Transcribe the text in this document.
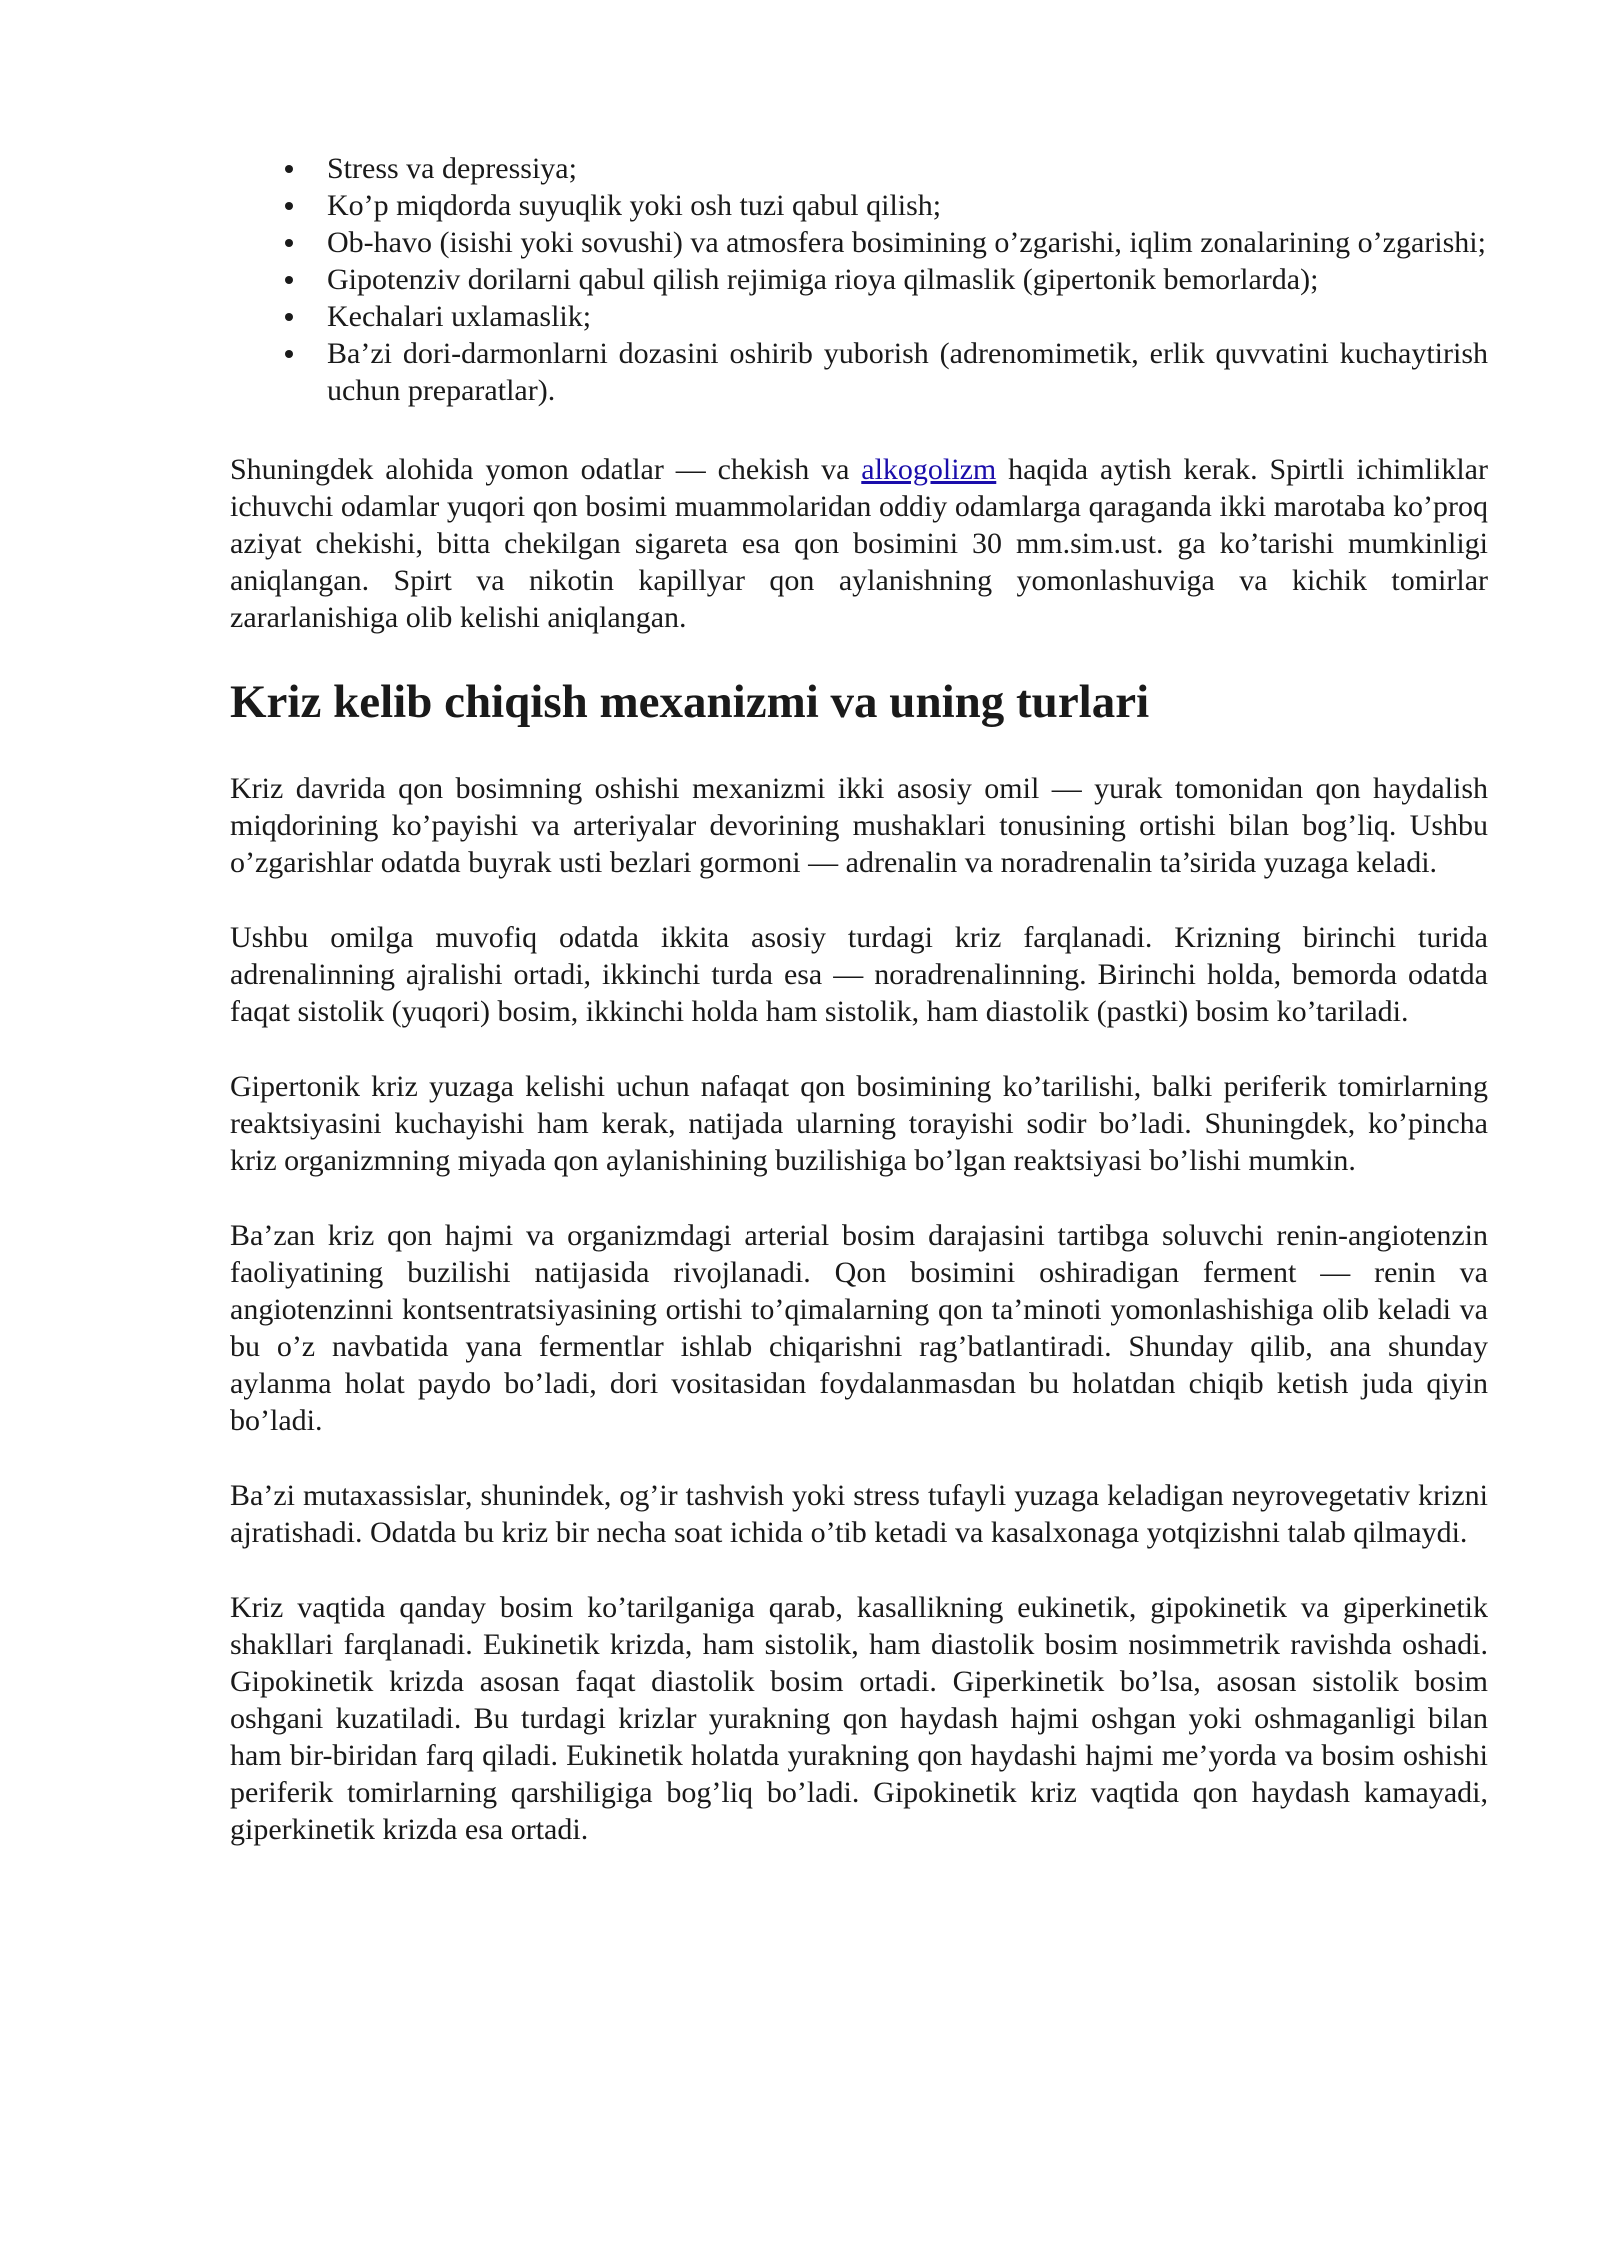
Stress va depressiya;
Ko’p miqdorda suyuqlik yoki osh tuzi qabul qilish;
Ob-havo (isishi yoki sovushi) va atmosfera bosimining o’zgarishi, iqlim zonalarining o’zgarishi;
Gipotenziv dorilarni qabul qilish rejimiga rioya qilmaslik (gipertonik bemorlarda);
Kechalari uxlamaslik;
Ba’zi dori-darmonlarni dozasini oshirib yuborish (adrenomimetik, erlik quvvatini kuchaytirish uchun preparatlar).

Shuningdek alohida yomon odatlar — chekish va alkogolizm haqida aytish kerak. Spirtli ichimliklar ichuvchi odamlar yuqori qon bosimi muammolaridan oddiy odamlarga qaraganda ikki marotaba ko’proq aziyat chekishi, bitta chekilgan sigareta esa qon bosimini 30 mm.sim.ust. ga ko’tarishi mumkinligi aniqlangan. Spirt va nikotin kapillyar qon aylanishning yomonlashuviga va kichik tomirlar zararlanishiga olib kelishi aniqlangan.

Kriz kelib chiqish mexanizmi va uning turlari

Kriz davrida qon bosimning oshishi mexanizmi ikki asosiy omil — yurak tomonidan qon haydalish miqdorining ko’payishi va arteriyalar devorining mushaklari tonusining ortishi bilan bog’liq. Ushbu o’zgarishlar odatda buyrak usti bezlari gormoni — adrenalin va noradrenalin ta’sirida yuzaga keladi.

Ushbu omilga muvofiq odatda ikkita asosiy turdagi kriz farqlanadi. Krizning birinchi turida adrenalinning ajralishi ortadi, ikkinchi turda esa — noradrenalinning. Birinchi holda, bemorda odatda faqat sistolik (yuqori) bosim, ikkinchi holda ham sistolik, ham diastolik (pastki) bosim ko’tariladi.

Gipertonik kriz yuzaga kelishi uchun nafaqat qon bosimining ko’tarilishi, balki periferik tomirlarning reaktsiyasini kuchayishi ham kerak, natijada ularning torayishi sodir bo’ladi. Shuningdek, ko’pincha kriz organizmning miyada qon aylanishining buzilishiga bo’lgan reaktsiyasi bo’lishi mumkin.

Ba’zan kriz qon hajmi va organizmdagi arterial bosim darajasini tartibga soluvchi renin-angiotenzin faoliyatining buzilishi natijasida rivojlanadi. Qon bosimini oshiradigan ferment — renin va angiotenzinni kontsentratsiyasining ortishi to’qimalarning qon ta’minoti yomonlashishiga olib keladi va bu o’z navbatida yana fermentlar ishlab chiqarishni rag’batlantiradi. Shunday qilib, ana shunday aylanma holat paydo bo’ladi, dori vositasidan foydalanmasdan bu holatdan chiqib ketish juda qiyin bo’ladi.

Ba’zi mutaxassislar, shunindek, og’ir tashvish yoki stress tufayli yuzaga keladigan neyrovegetativ krizni ajratishadi. Odatda bu kriz bir necha soat ichida o’tib ketadi va kasalxonaga yotqizishni talab qilmaydi.

Kriz vaqtida qanday bosim ko’tarilganiga qarab, kasallikning eukinetik, gipokinetik va giperkinetik shakllari farqlanadi. Eukinetik krizda, ham sistolik, ham diastolik bosim nosimmetrik ravishda oshadi. Gipokinetik krizda asosan faqat diastolik bosim ortadi. Giperkinetik bo’lsa, asosan sistolik bosim oshgani kuzatiladi. Bu turdagi krizlar yurakning qon haydash hajmi oshgan yoki oshmaganligi bilan ham bir-biridan farq qiladi. Eukinetik holatda yurakning qon haydashi hajmi me’yorda va bosim oshishi periferik tomirlarning qarshiligiga bog’liq bo’ladi. Gipokinetik kriz vaqtida qon haydash kamayadi, giperkinetik krizda esa ortadi.
